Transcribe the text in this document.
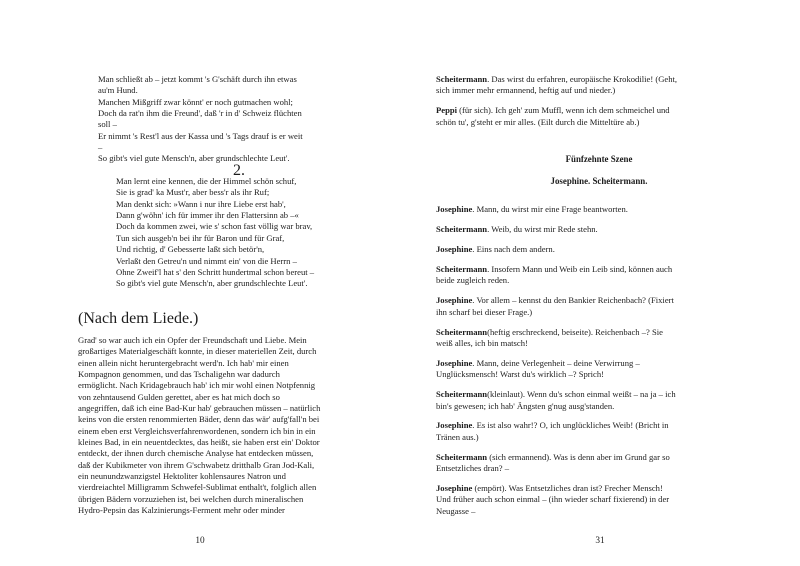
Man schließt ab – jetzt kommt 's G'schäft durch ihn etwas
au'm Hund.
Manchen Mißgriff zwar könnt' er noch gutmachen wohl;
Doch da rat'n ihm die Freund', daß 'r in d' Schweiz flüchten
soll –
Er nimmt 's Rest'l aus der Kassa und 's Tags drauf is er weit
–
So gibt's viel gute Mensch'n, aber grundschlechte Leut'.
2.
Man lernt eine kennen, die der Himmel schön schuf,
Sie is grad' ka Must'r, aber bess'r als ihr Ruf;
Man denkt sich: »Wann i nur ihre Liebe erst hab',
Dann g'wöhn' ich für immer ihr den Flattersinn ab –«
Doch da kommen zwei, wie s' schon fast völlig war brav,
Tun sich ausgeb'n bei ihr für Baron und für Graf,
Und richtig, d' Gebesserte laßt sich betör'n,
Verlaßt den Getreu'n und nimmt ein' von die Herrn –
Ohne Zweif'l hat s' den Schritt hundertmal schon bereut –
So gibt's viel gute Mensch'n, aber grundschlechte Leut'.
(Nach dem Liede.)
Grad' so war auch ich ein Opfer der Freundschaft und Liebe. Mein
großartiges Materialgeschäft konnte, in dieser materiellen Zeit, durch
einen allein nicht heruntergebracht werd'n. Ich hab' mir einen
Kompagnon genommen, und das Tschaligehn war dadurch
ermöglicht. Nach Kridagebrauch hab' ich mir wohl einen Notpfennig
von zehntausend Gulden gerettet, aber es hat mich doch so
angegriffen, daß ich eine Bad-Kur hab' gebrauchen müssen – natürlich
keins von die ersten renommierten Bäder, denn das wär' aufg'fall'n bei
einem eben erst Vergleichsverfahrenwordenen, sondern ich bin in ein
kleines Bad, in ein neuentdecktes, das heißt, sie haben erst ein' Doktor
entdeckt, der ihnen durch chemische Analyse hat entdecken müssen,
daß der Kubikmeter von ihrem G'schwabetz dritthalb Gran Jod-Kali,
ein neunundzwanzigstel Hektoliter kohlensaures Natron und
vierdreiachtel Milligramm Schwefel-Sublimat enthalt't, folglich allen
übrigen Bädern vorzuziehen ist, bei welchen durch mineralischen
Hydro-Pepsin das Kalzinierungs-Ferment mehr oder minder
10
Scheitermann. Das wirst du erfahren, europäische Krokodilie! (Geht,
sich immer mehr ermannend, heftig auf und nieder.)
Peppi (für sich). Ich geh' zum Muffl, wenn ich dem schmeichel und
schön tu', g'steht er mir alles. (Eilt durch die Mitteltüre ab.)
Fünfzehnte Szene
Josephine. Scheitermann.
Josephine. Mann, du wirst mir eine Frage beantworten.
Scheitermann. Weib, du wirst mir Rede stehn.
Josephine. Eins nach dem andern.
Scheitermann. Insofern Mann und Weib ein Leib sind, können auch
beide zugleich reden.
Josephine. Vor allem – kennst du den Bankier Reichenbach? (Fixiert
ihn scharf bei dieser Frage.)
Scheitermann(heftig erschreckend, beiseite). Reichenbach –? Sie
weiß alles, ich bin matsch!
Josephine. Mann, deine Verlegenheit – deine Verwirrung –
Unglücksmensch! Warst du's wirklich –? Sprich!
Scheitermann(kleinlaut). Wenn du's schon einmal weißt – na ja – ich
bin's gewesen; ich hab' Ängsten g'nug ausg'standen.
Josephine. Es ist also wahr!? O, ich unglückliches Weib! (Bricht in
Tränen aus.)
Scheitermann (sich ermannend). Was is denn aber im Grund gar so
Entsetzliches dran? –
Josephine (empört). Was Entsetzliches dran ist? Frecher Mensch!
Und früher auch schon einmal – (ihn wieder scharf fixierend) in der
Neugasse –
31
